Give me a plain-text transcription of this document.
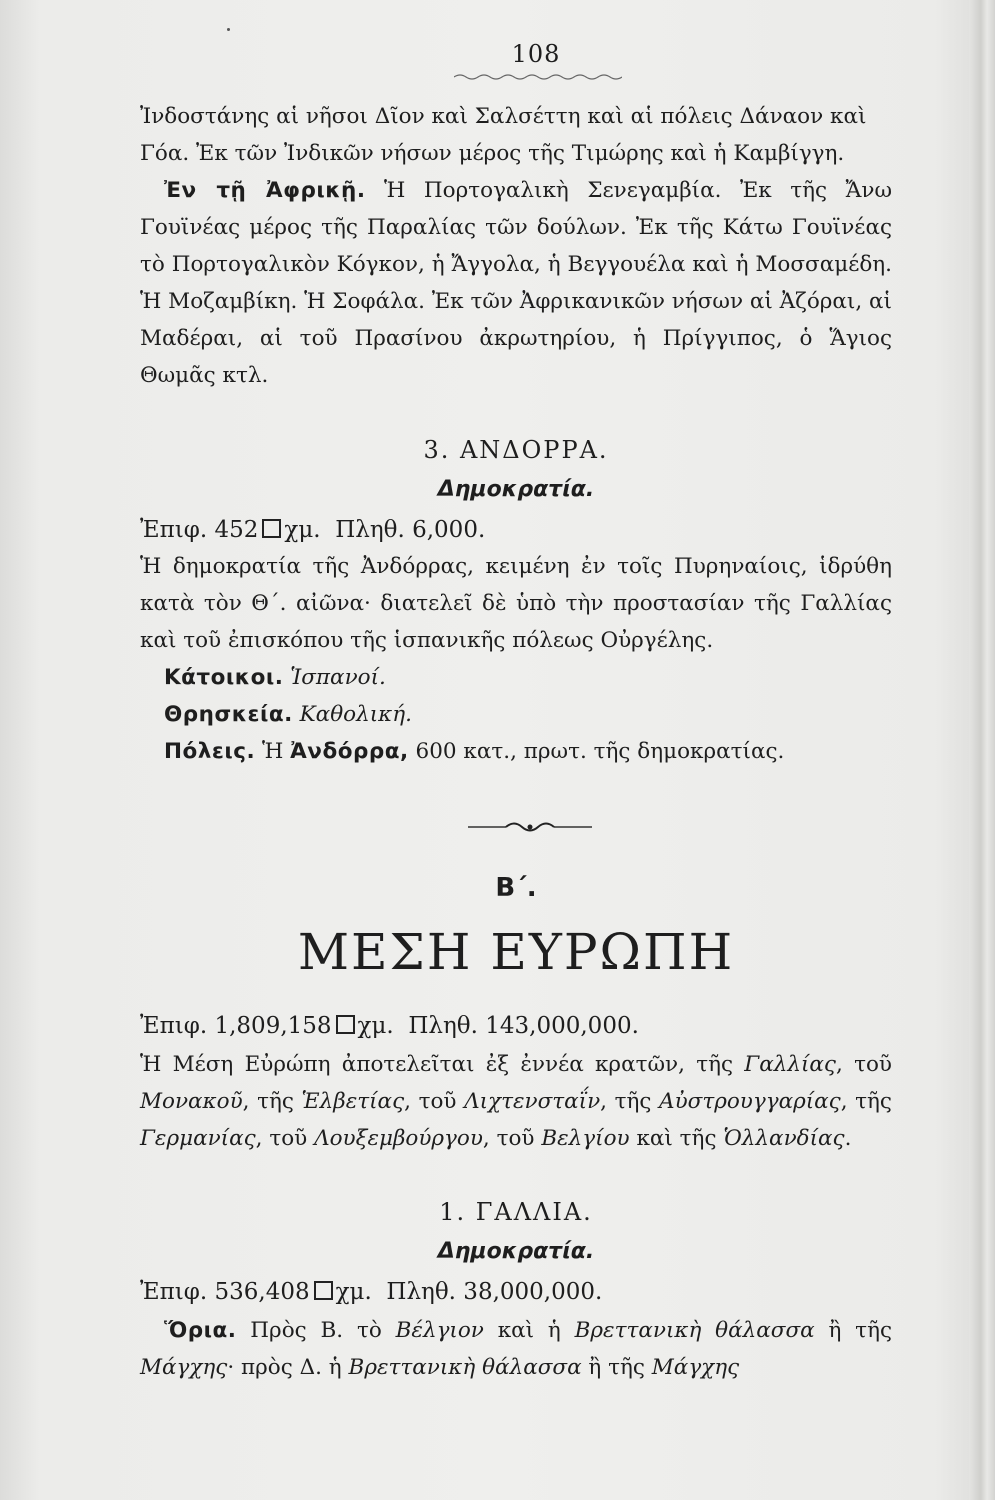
108

Ἰνδοστάνης αἱ νῆσοι Δῖον καὶ Σαλσέττη καὶ αἱ πόλεις Δάναον καὶ

Γόα. Ἐκ τῶν Ἰνδικῶν νήσων μέρος τῆς Τιμώρης καὶ ἡ Καμβίγγη.

Ἐν τῇ Ἀφρικῇ. Ἡ Πορτογαλικὴ Σενεγαμβία. Ἐκ τῆς Ἄνω Γουϊνέας μέρος τῆς Παραλίας τῶν δούλων. Ἐκ τῆς Κάτω Γουϊνέας τὸ Πορτογαλικὸν Κόγκον, ἡ Ἄγγολα, ἡ Βεγγουέλα καὶ ἡ Μοσσαμέδη. Ἡ Μοζαμβίκη. Ἡ Σοφάλα. Ἐκ τῶν Ἀφρικανικῶν νήσων αἱ Ἀζόραι, αἱ Μαδέραι, αἱ τοῦ Πρασίνου ἀκρωτηρίου, ἡ Πρίγγιπος, ὁ Ἅγιος Θωμᾶς κτλ.

3. ΑΝΔΟΡΡΑ.

Δημοκρατία.

Ἐπιφ. 452 χμ. Πληθ. 6,000.

Ἡ δημοκρατία τῆς Ἀνδόρρας, κειμένη ἐν τοῖς Πυρηναίοις, ἱδρύθη κατὰ τὸν Θ΄. αἰῶνα· διατελεῖ δὲ ὑπὸ τὴν προστασίαν τῆς Γαλλίας καὶ τοῦ ἐπισκόπου τῆς ἱσπανικῆς πόλεως Οὐργέλης.

Κάτοικοι. Ἱσπανοί.

Θρησκεία. Καθολική.

Πόλεις. Ἡ Ἀνδόρρα, 600 κατ., πρωτ. τῆς δημοκρατίας.

Β΄.

ΜΕΣΗ ΕΥΡΩΠΗ

Ἐπιφ. 1,809,158 χμ. Πληθ. 143,000,000.

Ἡ Μέση Εὐρώπη ἀποτελεῖται ἐξ ἐννέα κρατῶν, τῆς Γαλλίας, τοῦ Μονακοῦ, τῆς Ἑλβετίας, τοῦ Λιχτενσταΐν, τῆς Αὐστρουγγαρίας, τῆς Γερμανίας, τοῦ Λουξεμβούργου, τοῦ Βελγίου καὶ τῆς Ὁλλανδίας.

1. ΓΑΛΛΙΑ.

Δημοκρατία.

Ἐπιφ. 536,408 χμ. Πληθ. 38,000,000.

Ὅρια. Πρὸς Β. τὸ Βέλγιον καὶ ἡ Βρεττανικὴ θάλασσα ἢ τῆς Μάγχης· πρὸς Δ. ἡ Βρεττανικὴ θάλασσα ἢ τῆς Μάγχης
